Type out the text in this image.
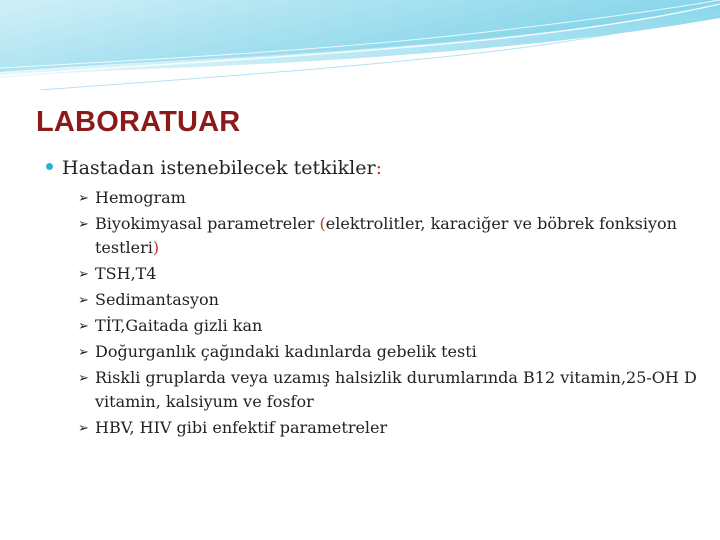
LABORATUAR
Hastadan istenebilecek tetkikler:
➢ Hemogram
➢ Biyokimyasal parametreler (elektrolitler, karaciğer ve böbrek fonksiyon testleri)
➢ TSH,T4
➢ Sedimantasyon
➢ TİT,Gaitada gizli kan
➢ Doğurganlık çağındaki kadınlarda gebelik testi
➢ Riskli gruplarda veya uzamış halsizlik durumlarında B12 vitamin,25-OH D vitamin, kalsiyum ve fosfor
➢ HBV, HIV gibi enfektif parametreler
